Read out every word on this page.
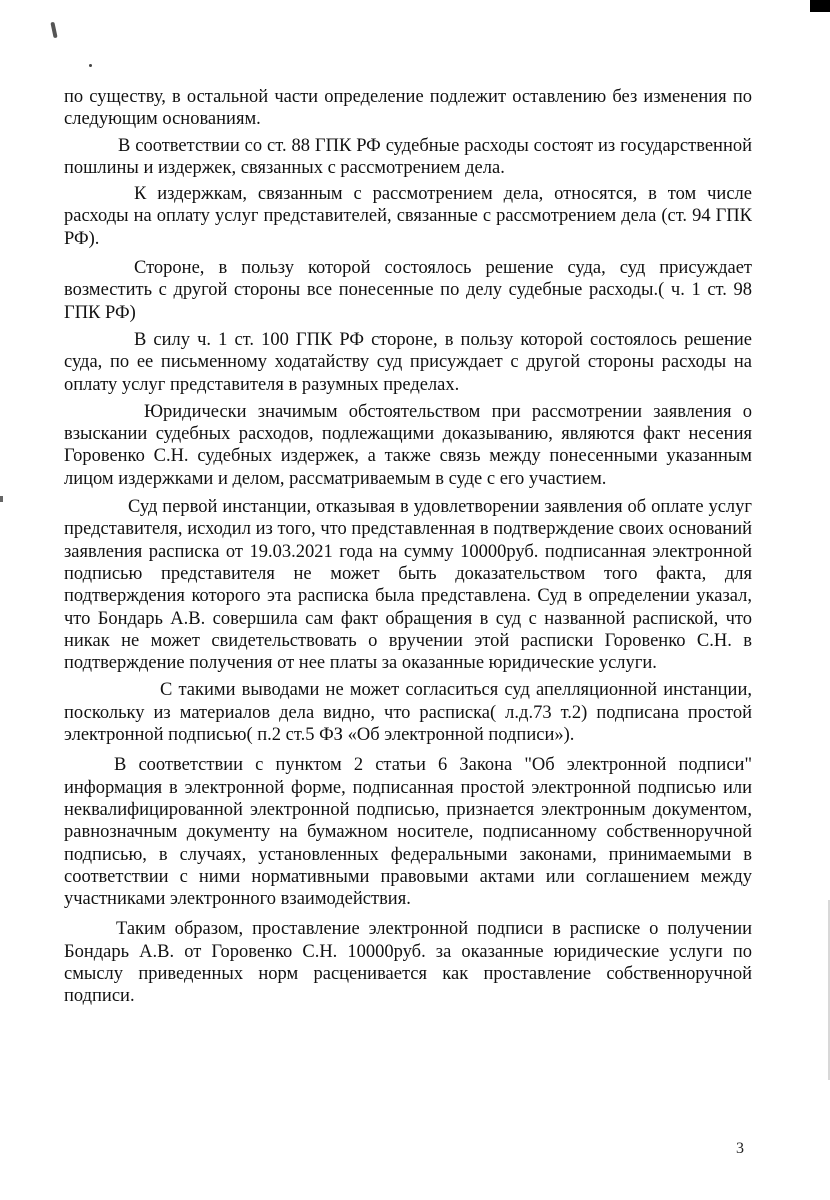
по существу, в остальной части определение подлежит оставлению без изменения по следующим основаниям.

В соответствии со ст. 88 ГПК РФ судебные расходы состоят из государственной пошлины и издержек, связанных с рассмотрением дела.

К издержкам, связанным с рассмотрением дела, относятся, в том числе расходы на оплату услуг представителей, связанные с рассмотрением дела (ст. 94 ГПК РФ).

Стороне, в пользу которой состоялось решение суда, суд присуждает возместить с другой стороны все понесенные по делу судебные расходы.( ч. 1 ст. 98 ГПК РФ)

В силу ч. 1 ст. 100 ГПК РФ стороне, в пользу которой состоялось решение суда, по ее письменному ходатайству суд присуждает с другой стороны расходы на оплату услуг представителя в разумных пределах.

Юридически значимым обстоятельством при рассмотрении заявления о взыскании судебных расходов, подлежащими доказыванию, являются факт несения Горовенко С.Н. судебных издержек, а также связь между понесенными указанным лицом издержками и делом, рассматриваемым в суде с его участием.

Суд первой инстанции, отказывая в удовлетворении заявления об оплате услуг представителя, исходил из того, что представленная в подтверждение своих оснований заявления расписка от 19.03.2021 года на сумму 10000руб. подписанная электронной подписью представителя не может быть доказательством того факта, для подтверждения которого эта расписка была представлена. Суд в определении указал, что Бондарь А.В. совершила сам факт обращения в суд с названной распиской, что никак не может свидетельствовать о вручении этой расписки Горовенко С.Н. в подтверждение получения от нее платы за оказанные юридические услуги.

С такими выводами не может согласиться суд апелляционной инстанции, поскольку из материалов дела видно, что расписка( л.д.73 т.2) подписана простой электронной подписью( п.2 ст.5 ФЗ «Об электронной подписи»).

В соответствии с пунктом 2 статьи 6 Закона "Об электронной подписи" информация в электронной форме, подписанная простой электронной подписью или неквалифицированной электронной подписью, признается электронным документом, равнозначным документу на бумажном носителе, подписанному собственноручной подписью, в случаях, установленных федеральными законами, принимаемыми в соответствии с ними нормативными правовыми актами или соглашением между участниками электронного взаимодействия.

Таким образом, проставление электронной подписи в расписке о получении Бондарь А.В. от Горовенко С.Н. 10000руб. за оказанные юридические услуги по смыслу приведенных норм расценивается как проставление собственноручной подписи.

3
